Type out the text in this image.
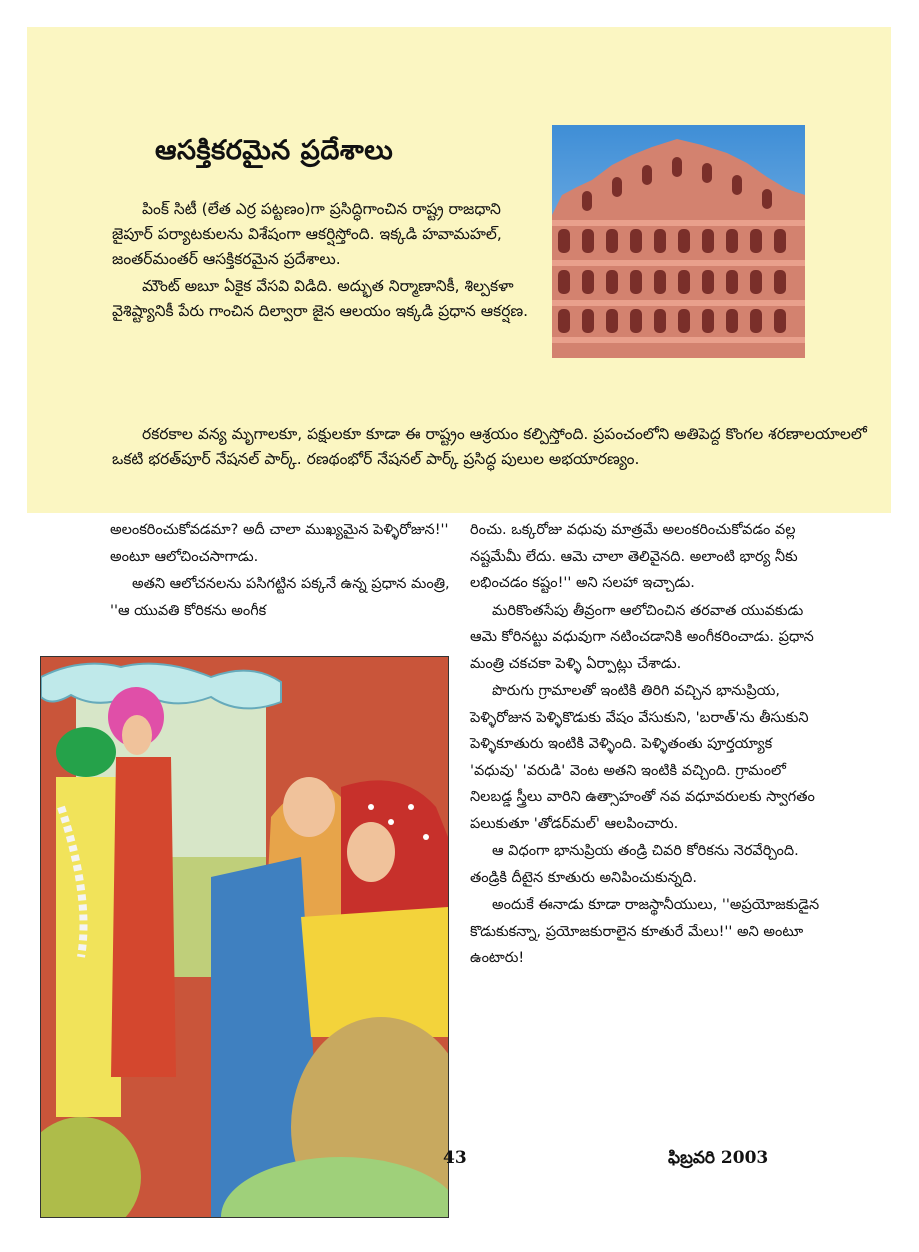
ఆసక్తికరమైన ప్రదేశాలు

పింక్ సిటీ (లేత ఎర్ర పట్టణం)గా ప్రసిద్ధిగాంచిన రాష్ట్ర రాజధాని జైపూర్ పర్యాటకులను విశేషంగా ఆకర్షిస్తోంది. ఇక్కడి హవామహల్, జంతర్‌మంతర్ ఆసక్తికరమైన ప్రదేశాలు.

మౌంట్ అబూ ఏకైక వేసవి విడిది. అద్భుత నిర్మాణానికీ, శిల్పకళా వైశిష్ట్యానికీ పేరు గాంచిన దిల్వారా జైన ఆలయం ఇక్కడి ప్రధాన ఆకర్షణ.

రకరకాల వన్య మృగాలకూ, పక్షులకూ కూడా ఈ రాష్ట్రం ఆశ్రయం కల్పిస్తోంది. ప్రపంచంలోని అతిపెద్ద కొంగల శరణాలయాలలో ఒకటి భరత్‌పూర్ నేషనల్ పార్క్. రణథంభోర్ నేషనల్ పార్క్ ప్రసిద్ధ పులుల అభయారణ్యం.

అలంకరించుకోవడమా? అదీ చాలా ముఖ్యమైన పెళ్ళిరోజున!'' అంటూ ఆలోచించసాగాడు.

అతని ఆలోచనలను పసిగట్టిన పక్కనే ఉన్న ప్రధాన మంత్రి, ''ఆ యువతి కోరికను అంగీక

రించు. ఒక్కరోజు వధువు మాత్రమే అలంకరించుకోవడం వల్ల నష్టమేమీ లేదు. ఆమె చాలా తెలివైనది. అలాంటి భార్య నీకు లభించడం కష్టం!'' అని సలహా ఇచ్చాడు.

మరికొంతసేపు తీవ్రంగా ఆలోచించిన తరవాత యువకుడు ఆమె కోరినట్టు వధువుగా నటించడానికి అంగీకరించాడు. ప్రధాన మంత్రి చకచకా పెళ్ళి ఏర్పాట్లు చేశాడు.

పొరుగు గ్రామాలతో ఇంటికి తిరిగి వచ్చిన భానుప్రియ, పెళ్ళిరోజున పెళ్ళికొడుకు వేషం వేసుకుని, 'బరాత్'ను తీసుకుని పెళ్ళికూతురు ఇంటికి వెళ్ళింది. పెళ్ళితంతు పూర్తయ్యాక 'వధువు' 'వరుడి' వెంట అతని ఇంటికి వచ్చింది. గ్రామంలో నిలబడ్డ స్త్రీలు వారిని ఉత్సాహంతో నవ వధూవరులకు స్వాగతం పలుకుతూ 'తోడర్‌మల్' ఆలపించారు.

ఆ విధంగా భానుప్రియ తండ్రి చివరి కోరికను నెరవేర్చింది. తండ్రికి దీటైన కూతురు అనిపించుకున్నది.

అందుకే ఈనాడు కూడా రాజస్థానీయులు, ''అప్రయోజకుడైన కొడుకుకన్నా, ప్రయోజకురాలైన కూతురే మేలు!'' అని అంటూ ఉంటారు!

43	ఫిబ్రవరి 2003
